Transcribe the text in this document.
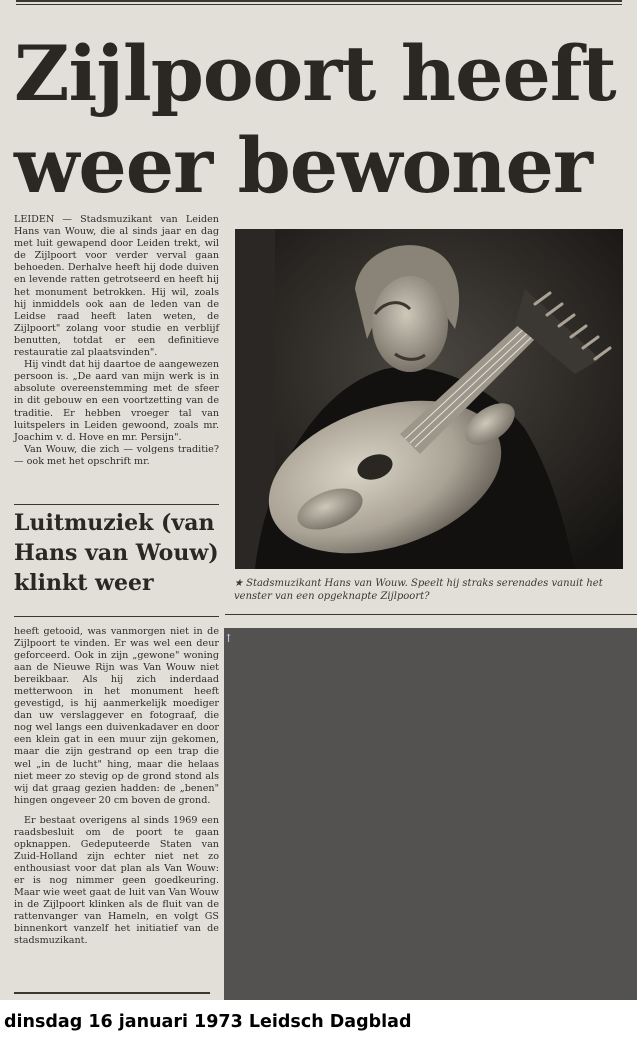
Zijlpoort heeft
weer bewoner

LEIDEN — Stadsmuzikant van Leiden Hans van Wouw, die al sinds jaar en dag met luit gewapend door Leiden trekt, wil de Zijlpoort voor verder verval gaan behoeden. Derhalve heeft hij dode duiven en levende ratten getrotseerd en heeft hij het monument betrokken. Hij wil, zoals hij inmiddels ook aan de leden van de Leidse raad heeft laten weten, de Zijlpoort" zolang voor studie en verblijf benutten, totdat er een definitieve restauratie zal plaatsvinden".

Hij vindt dat hij daartoe de aangewezen persoon is. „De aard van mijn werk is in absolute overeenstemming met de sfeer in dit gebouw en een voortzetting van de traditie. Er hebben vroeger tal van luitspelers in Leiden gewoond, zoals mr. Joachim v. d. Hove en mr. Persijn".

Van Wouw, die zich — volgens traditie? — ook met het opschrift mr.

Luitmuziek (van
Hans van Wouw)
klinkt weer

heeft getooid, was vanmorgen niet in de Zijlpoort te vinden. Er was wel een deur geforceerd. Ook in zijn „gewone" woning aan de Nieuwe Rijn was Van Wouw niet bereikbaar. Als hij zich inderdaad metterwoon in het monument heeft gevestigd, is hij aanmerkelijk moediger dan uw verslaggever en fotograaf, die nog wel langs een duivenkadaver en door een klein gat in een muur zijn gekomen, maar die zijn gestrand op een trap die wel „in de lucht" hing, maar die helaas niet meer zo stevig op de grond stond als wij dat graag gezien hadden: de „benen" hingen ongeveer 20 cm boven de grond.

Er bestaat overigens al sinds 1969 een raadsbesluit om de poort te gaan opknappen. Gedeputeerde Staten van Zuid-Holland zijn echter niet net zo enthousiast voor dat plan als Van Wouw: er is nog nimmer geen goedkeuring. Maar wie weet gaat de luit van Van Wouw in de Zijlpoort klinken als de fluit van de rattenvanger van Hameln, en volgt GS binnenkort vanzelf het initiatief van de stadsmuzikant.

★ Stadsmuzikant Hans van Wouw. Speelt hij straks serenades vanuit het venster van een opgeknapte Zijlpoort?
↑
dinsdag 16 januari 1973 Leidsch Dagblad
